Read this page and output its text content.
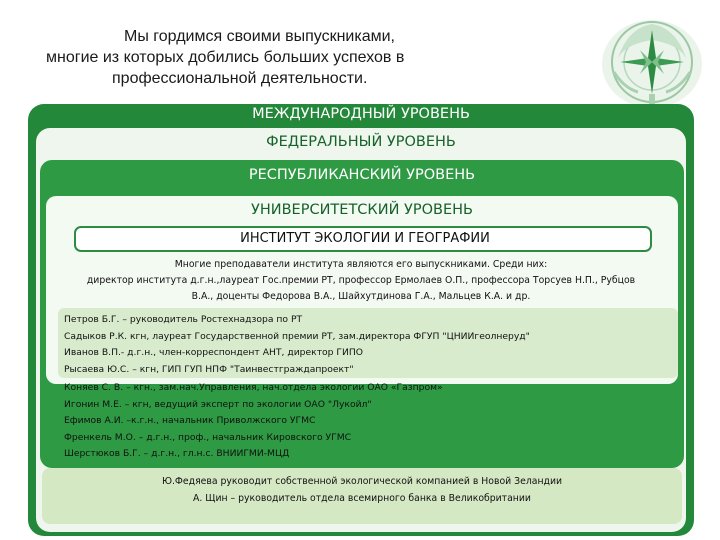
Мы гордимся своими выпускниками,
многие из которых добились больших успехов в
профессиональной деятельности.
МЕЖДУНАРОДНЫЙ УРОВЕНЬ
ФЕДЕРАЛЬНЫЙ УРОВЕНЬ
РЕСПУБЛИКАНСКИЙ УРОВЕНЬ
УНИВЕРСИТЕТСКИЙ УРОВЕНЬ
ИНСТИТУТ ЭКОЛОГИИ И ГЕОГРАФИИ
Многие преподаватели института являются его выпускниками. Среди них:
директор института д.г.н.,лауреат Гос.премии РТ, профессор Ермолаев О.П., профессора Торсуев Н.П., Рубцов
В.А., доценты Федорова В.А., Шайхутдинова Г.А., Мальцев К.А. и др.
Петров Б.Г. – руководитель Ростехнадзора по РТ
Садыков Р.К. кгн, лауреат Государственной премии РТ, зам.директора ФГУП "ЦНИИгеолнеруд"
Иванов В.П.- д.г.н., член-корреспондент АНТ, директор ГИПО
Рысаева Ю.С. – кгн, ГИП ГУП НПФ "Таинвестграждапроект"
Коняев С. В. – кгн., зам.нач.Управления, нач.отдела экологии ОАО «Газпром»
Игонин М.Е. – кгн, ведущий эксперт по экологии ОАО "Лукойл"
Ефимов А.И. –к.г.н., начальник Приволжского УГМС
Френкель М.О. – д.г.н., проф., начальник Кировского УГМС
Шерстюков Б.Г. – д.г.н., гл.н.с. ВНИИГМИ-МЦД
Ю.Федяева руководит собственной экологической компанией в Новой Зеландии
А. Щин – руководитель отдела всемирного банка в Великобритании
